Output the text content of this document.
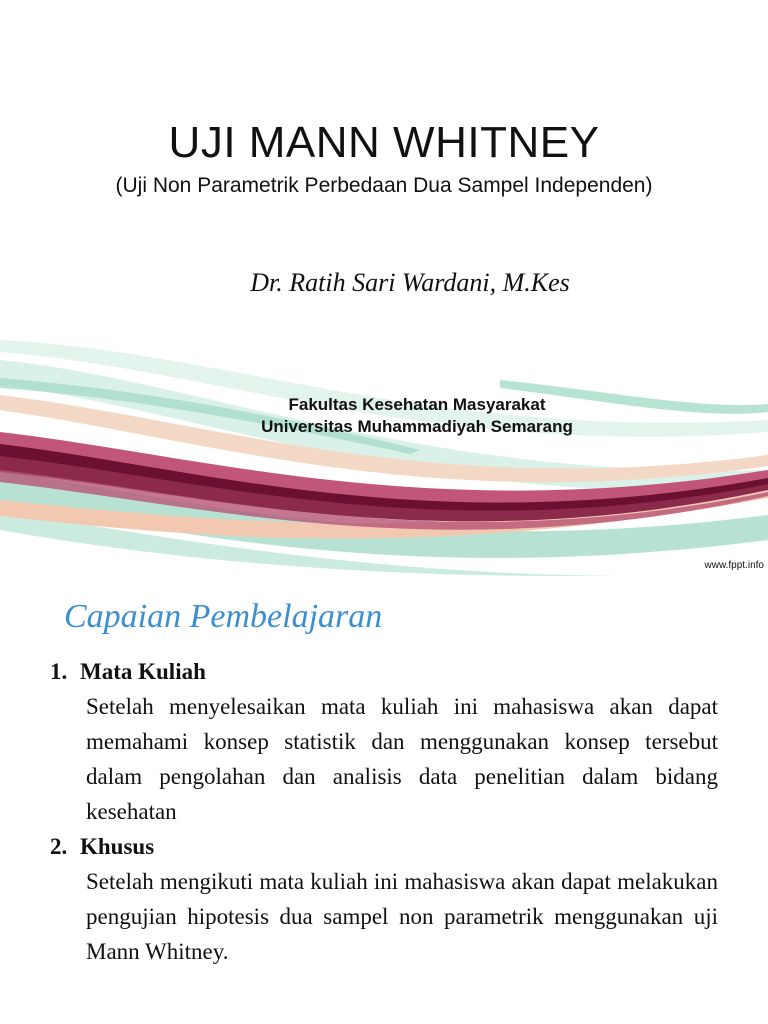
UJI MANN WHITNEY
(Uji Non Parametrik Perbedaan Dua Sampel Independen)
Dr. Ratih Sari Wardani, M.Kes
Fakultas Kesehatan Masyarakat
Universitas Muhammadiyah Semarang
www.fppt.info
Capaian Pembelajaran
1. Mata Kuliah
Setelah menyelesaikan mata kuliah ini mahasiswa akan dapat memahami konsep statistik dan menggunakan konsep tersebut dalam pengolahan dan analisis data penelitian dalam bidang kesehatan
2. Khusus
Setelah mengikuti mata kuliah ini mahasiswa akan dapat melakukan pengujian hipotesis dua sampel non parametrik menggunakan uji Mann Whitney.
